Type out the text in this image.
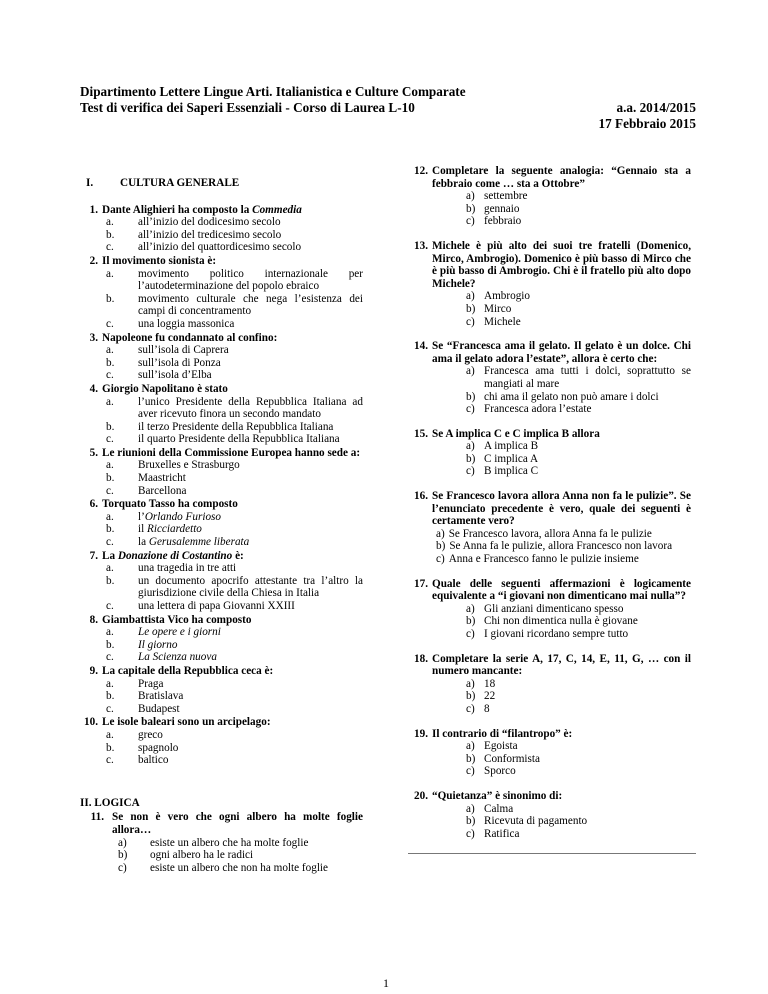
Dipartimento Lettere Lingue Arti. Italianistica e Culture Comparate
Test di verifica dei Saperi Essenziali - Corso di Laurea L-10	a.a. 2014/2015
17 Febbraio 2015
I.	CULTURA GENERALE
1. Dante Alighieri ha composto la Commedia
a.	all’inizio del dodicesimo secolo
b.	all’inizio del tredicesimo secolo
c.	all’inizio del quattordicesimo secolo
2. Il movimento sionista è:
a.	movimento politico internazionale per l’autodeterminazione del popolo ebraico
b.	movimento culturale che nega l’esistenza dei campi di concentramento
c.	una loggia massonica
3. Napoleone fu condannato al confino:
a.	sull’isola di Caprera
b.	sull’isola di Ponza
c.	sull’isola d’Elba
4. Giorgio Napolitano è stato
a.	l’unico Presidente della Repubblica Italiana ad aver ricevuto finora un secondo mandato
b.	il terzo Presidente della Repubblica Italiana
c.	il quarto Presidente della Repubblica Italiana
5. Le riunioni della Commissione Europea hanno sede a:
a.	Bruxelles e Strasburgo
b.	Maastricht
c.	Barcellona
6. Torquato Tasso ha composto
a.	l’Orlando Furioso
b.	il Ricciardetto
c.	la Gerusalemme liberata
7. La Donazione di Costantino è:
a.	una tragedia in tre atti
b.	un documento apocrifo attestante tra l’altro la giurisdizione civile della Chiesa in Italia
c.	una lettera di papa Giovanni XXIII
8. Giambattista Vico ha composto
a.	Le opere e i giorni
b.	Il giorno
c.	La Scienza nuova
9. La capitale della Repubblica ceca è:
a.	Praga
b.	Bratislava
c.	Budapest
10. Le isole baleari sono un arcipelago:
a.	greco
b.	spagnolo
c.	baltico
II. LOGICA
11. Se non è vero che ogni albero ha molte foglie allora…
a)	esiste un albero che ha molte foglie
b)	ogni albero ha le radici
c)	esiste un albero che non ha molte foglie
12. Completare la seguente analogia: “Gennaio sta a febbraio come … sta a Ottobre”
a) settembre
b) gennaio
c) febbraio
13. Michele è più alto dei suoi tre fratelli (Domenico, Mirco, Ambrogio). Domenico è più basso di Mirco che è più basso di Ambrogio. Chi è il fratello più alto dopo Michele?
a) Ambrogio
b) Mirco
c) Michele
14. Se “Francesca ama il gelato. Il gelato è un dolce. Chi ama il gelato adora l’estate”, allora è certo che:
a) Francesca ama tutti i dolci, soprattutto se mangiati al mare
b) chi ama il gelato non può amare i dolci
c) Francesca adora l’estate
15. Se A implica C e C implica B allora
a) A implica B
b) C implica A
c) B implica C
16. Se Francesco lavora allora Anna non fa le pulizie”. Se l’enunciato precedente è vero, quale dei seguenti è certamente vero?
a) Se Francesco lavora, allora Anna fa le pulizie
b) Se Anna fa le pulizie, allora Francesco non lavora
c) Anna e Francesco fanno le pulizie insieme
17. Quale delle seguenti affermazioni è logicamente equivalente a “i giovani non dimenticano mai nulla”?
a) Gli anziani dimenticano spesso
b) Chi non dimentica nulla è giovane
c) I giovani ricordano sempre tutto
18. Completare la serie A, 17, C, 14, E, 11, G, … con il numero mancante:
a) 18
b) 22
c) 8
19. Il contrario di “filantropo” è:
a) Egoista
b) Conformista
c) Sporco
20. “Quietanza” è sinonimo di:
a) Calma
b) Ricevuta di pagamento
c) Ratifica
1
